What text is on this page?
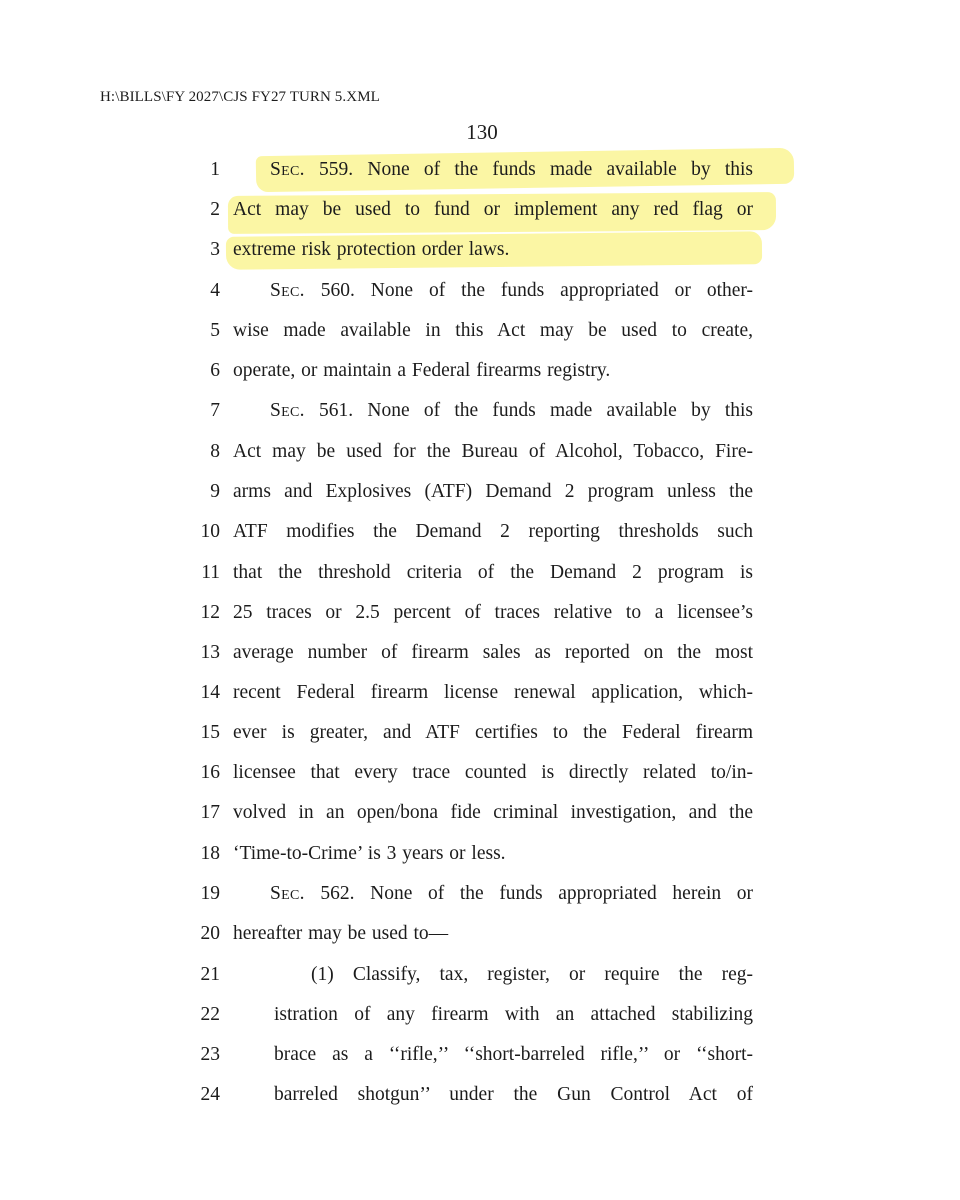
H:\BILLS\FY 2027\CJS FY27 TURN 5.XML
130
1	Sec. 559. None of the funds made available by this
2 Act may be used to fund or implement any red flag or
3 extreme risk protection order laws.
4	Sec. 560. None of the funds appropriated or other-
5 wise made available in this Act may be used to create,
6 operate, or maintain a Federal firearms registry.
7	Sec. 561. None of the funds made available by this
8 Act may be used for the Bureau of Alcohol, Tobacco, Fire-
9 arms and Explosives (ATF) Demand 2 program unless the
10 ATF modifies the Demand 2 reporting thresholds such
11 that the threshold criteria of the Demand 2 program is
12 25 traces or 2.5 percent of traces relative to a licensee’s
13 average number of firearm sales as reported on the most
14 recent Federal firearm license renewal application, which-
15 ever is greater, and ATF certifies to the Federal firearm
16 licensee that every trace counted is directly related to/in-
17 volved in an open/bona fide criminal investigation, and the
18 ‘Time-to-Crime’ is 3 years or less.
19	Sec. 562. None of the funds appropriated herein or
20 hereafter may be used to—
21	(1) Classify, tax, register, or require the reg-
22	istration of any firearm with an attached stabilizing
23	brace as a ‘‘rifle,’’ ‘‘short-barreled rifle,’’ or ‘‘short-
24	barreled shotgun’’ under the Gun Control Act of
